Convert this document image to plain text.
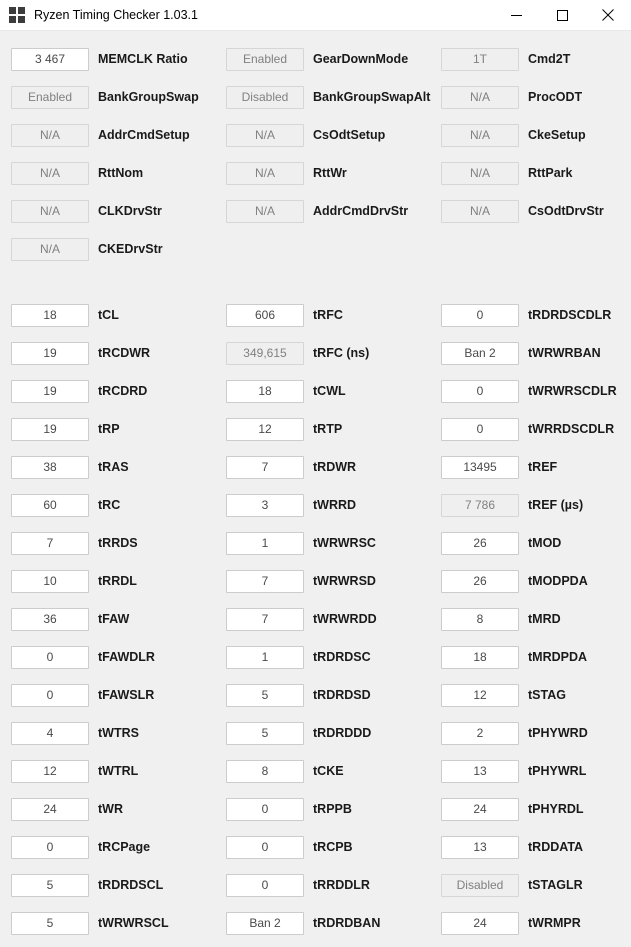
Ryzen Timing Checker 1.03.1
3 467	MEMCLK Ratio	Enabled	GearDownMode	1T	Cmd2T
Enabled	BankGroupSwap	Disabled	BankGroupSwapAlt	N/A	ProcODT
N/A	AddrCmdSetup	N/A	CsOdtSetup	N/A	CkeSetup
N/A	RttNom	N/A	RttWr	N/A	RttPark
N/A	CLKDrvStr	N/A	AddrCmdDrvStr	N/A	CsOdtDrvStr
N/A	CKEDrvStr
18	tCL	606	tRFC	0	tRDRDSCDLR
19	tRCDWR	349,615	tRFC (ns)	Ban 2	tWRWRBAN
19	tRCDRD	18	tCWL	0	tWRWRSCDLR
19	tRP	12	tRTP	0	tWRRDSCDLR
38	tRAS	7	tRDWR	13495	tREF
60	tRC	3	tWRRD	7 786	tREF (µs)
7	tRRDS	1	tWRWRSC	26	tMOD
10	tRRDL	7	tWRWRSD	26	tMODPDA
36	tFAW	7	tWRWRDD	8	tMRD
0	tFAWDLR	1	tRDRDSC	18	tMRDPDA
0	tFAWSLR	5	tRDRDSD	12	tSTAG
4	tWTRS	5	tRDRDDD	2	tPHYWRD
12	tWTRL	8	tCKE	13	tPHYWRL
24	tWR	0	tRPPB	24	tPHYRDL
0	tRCPage	0	tRCPB	13	tRDDATA
5	tRDRDSCL	0	tRRDDLR	Disabled	tSTAGLR
5	tWRWRSCL	Ban 2	tRDRDBAN	24	tWRMPR
